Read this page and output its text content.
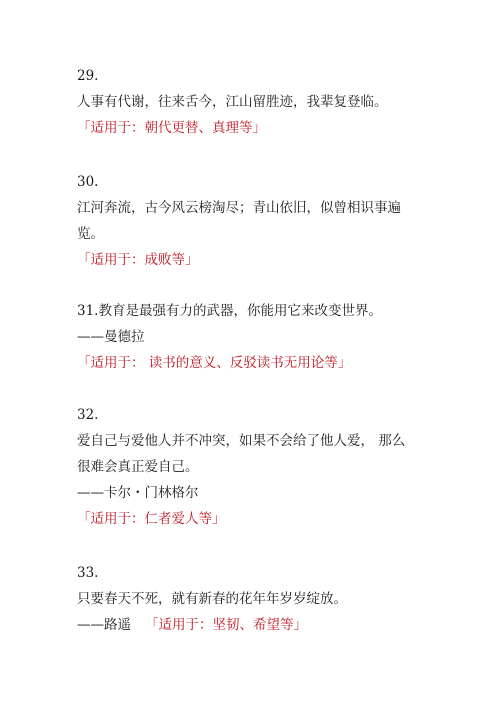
29.
人事有代谢，往来舌今，江山留胜迹，我辈复登临。
「适用于：朝代更替、真理等」
30.
江河奔流，古今风云榜淘尽；青山依旧，似曾相识事遍
览。
「适用于：成败等」
31.教育是最强有力的武器，你能用它来改变世界。
——曼德拉
「适用于： 读书的意义、反驳读书无用论等」
32.
爱自己与爱他人并不冲突，如果不会给了他人爱， 那么
很难会真正爱自己。
——卡尔・门林格尔
「适用于：仁者爱人等」
33.
只要春天不死，就有新春的花年年岁岁绽放。
——路遥 「适用于：坚韧、希望等」
